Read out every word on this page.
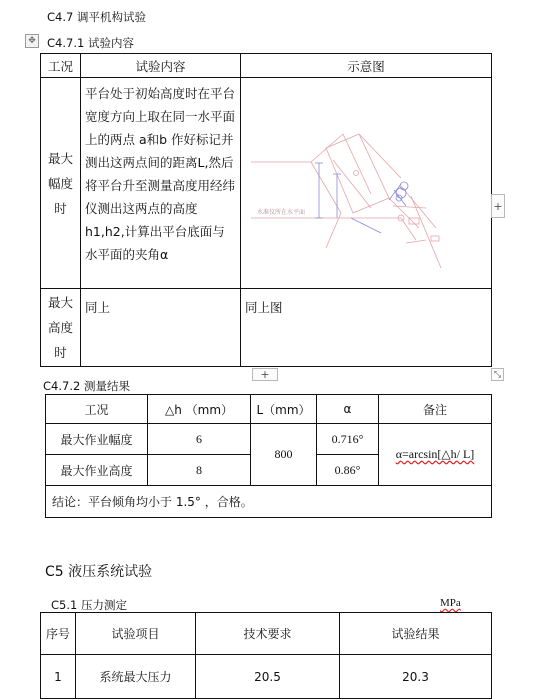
C4.7 调平机构试验
✥ C4.7.1 试验内容
工况	试验内容	示意图
最大幅度时	平台处于初始高度时在平台宽度方向上取在同一水平面上的两点 a和b 作好标记并测出这两点间的距离L,然后将平台升至测量高度用经纬仪测出这两点的高度h1,h2,计算出平台底面与水平面的夹角α	水准仪所在水平面

最大高度时	同上	同上图
+
+	⤡
C4.7.2 测量结果
工况	△h （mm）	L（mm）	α	备注
最大作业幅度	6	800	0.716°	α=arcsin[△h/ L]
最大作业高度	8		0.86°	
结论：平台倾角均小于 1.5° ，合格。				
C5 液压系统试验
C5.1 压力测定	MPa
序号	试验项目	技术要求	试验结果
1	系统最大压力	20.5	20.3
